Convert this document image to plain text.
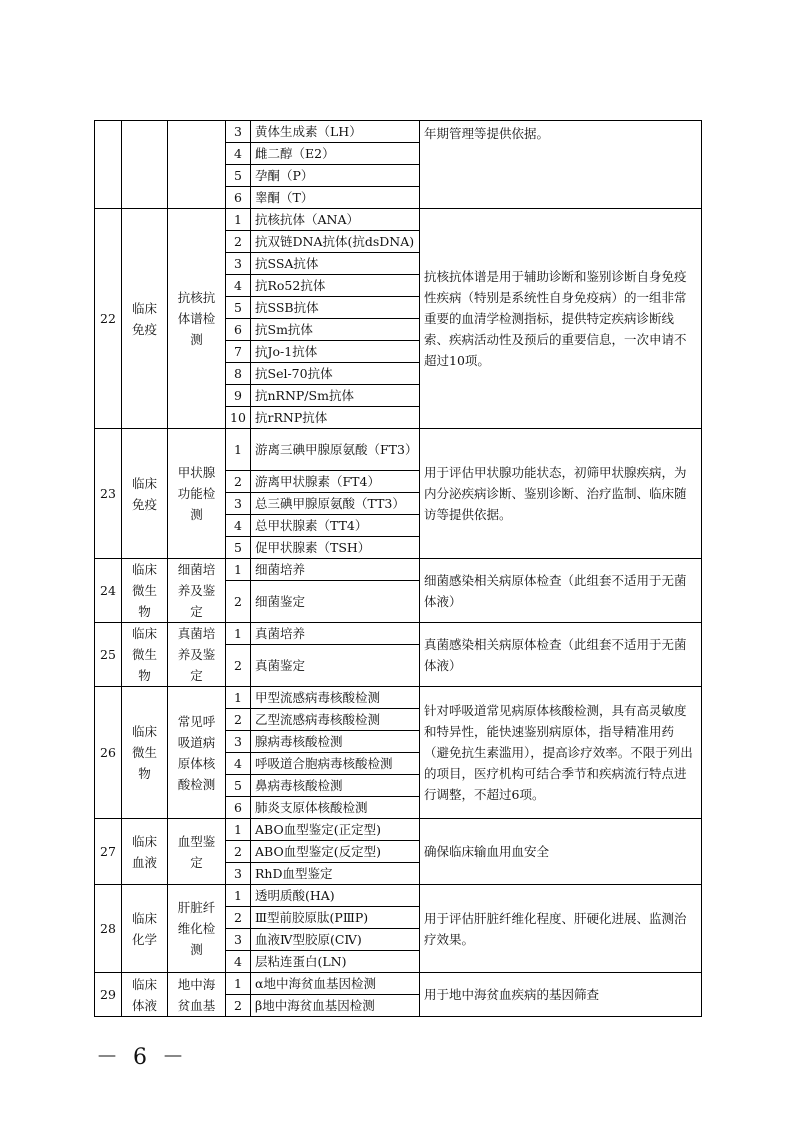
			3	黄体生成素（LH）	年期管理等提供依据。
			4	雌二醇（E2）	
			5	孕酮（P）	
			6	睾酮（T）	
22	临床免疫	抗核抗体谱检测	1	抗核抗体（ANA）	抗核抗体谱是用于辅助诊断和鉴别诊断自身免疫性疾病（特别是系统性自身免疫病）的一组非常重要的血清学检测指标，提供特定疾病诊断线索、疾病活动性及预后的重要信息，一次申请不超过10项。
			2	抗双链DNA抗体(抗dsDNA)	
			3	抗SSA抗体	
			4	抗Ro52抗体	
			5	抗SSB抗体	
			6	抗Sm抗体	
			7	抗Jo-1抗体	
			8	抗Sel-70抗体	
			9	抗nRNP/Sm抗体	
			10	抗rRNP抗体	
23	临床免疫	甲状腺功能检测	1	游离三碘甲腺原氨酸（FT3）	用于评估甲状腺功能状态，初筛甲状腺疾病，为内分泌疾病诊断、鉴别诊断、治疗监制、临床随访等提供依据。
			2	游离甲状腺素（FT4）	
			3	总三碘甲腺原氨酸（TT3）	
			4	总甲状腺素（TT4）	
			5	促甲状腺素（TSH）	
24	临床微生物	细菌培养及鉴定	1	细菌培养	细菌感染相关病原体检查（此组套不适用于无菌体液）
			2	细菌鉴定	
25	临床微生物	真菌培养及鉴定	1	真菌培养	真菌感染相关病原体检查（此组套不适用于无菌体液）
			2	真菌鉴定	
26	临床微生物	常见呼吸道病原体核酸检测	1	甲型流感病毒核酸检测	针对呼吸道常见病原体核酸检测，具有高灵敏度和特异性，能快速鉴别病原体，指导精准用药（避免抗生素滥用），提高诊疗效率。不限于列出的项目，医疗机构可结合季节和疾病流行特点进行调整，不超过6项。
			2	乙型流感病毒核酸检测	
			3	腺病毒核酸检测	
			4	呼吸道合胞病毒核酸检测	
			5	鼻病毒核酸检测	
			6	肺炎支原体核酸检测	
27	临床血液	血型鉴定	1	ABO血型鉴定(正定型)	确保临床输血用血安全
			2	ABO血型鉴定(反定型)	
			3	RhD血型鉴定	
28	临床化学	肝脏纤维化检测	1	透明质酸(HA)	用于评估肝脏纤维化程度、肝硬化进展、监测治疗效果。
			2	Ⅲ型前胶原肽(PⅢP)	
			3	血液Ⅳ型胶原(CⅣ)	
			4	层粘连蛋白(LN)	
29	临床体液	地中海贫血基	1	α地中海贫血基因检测	用于地中海贫血疾病的基因筛查
			2	β地中海贫血基因检测	
－ 6 －
